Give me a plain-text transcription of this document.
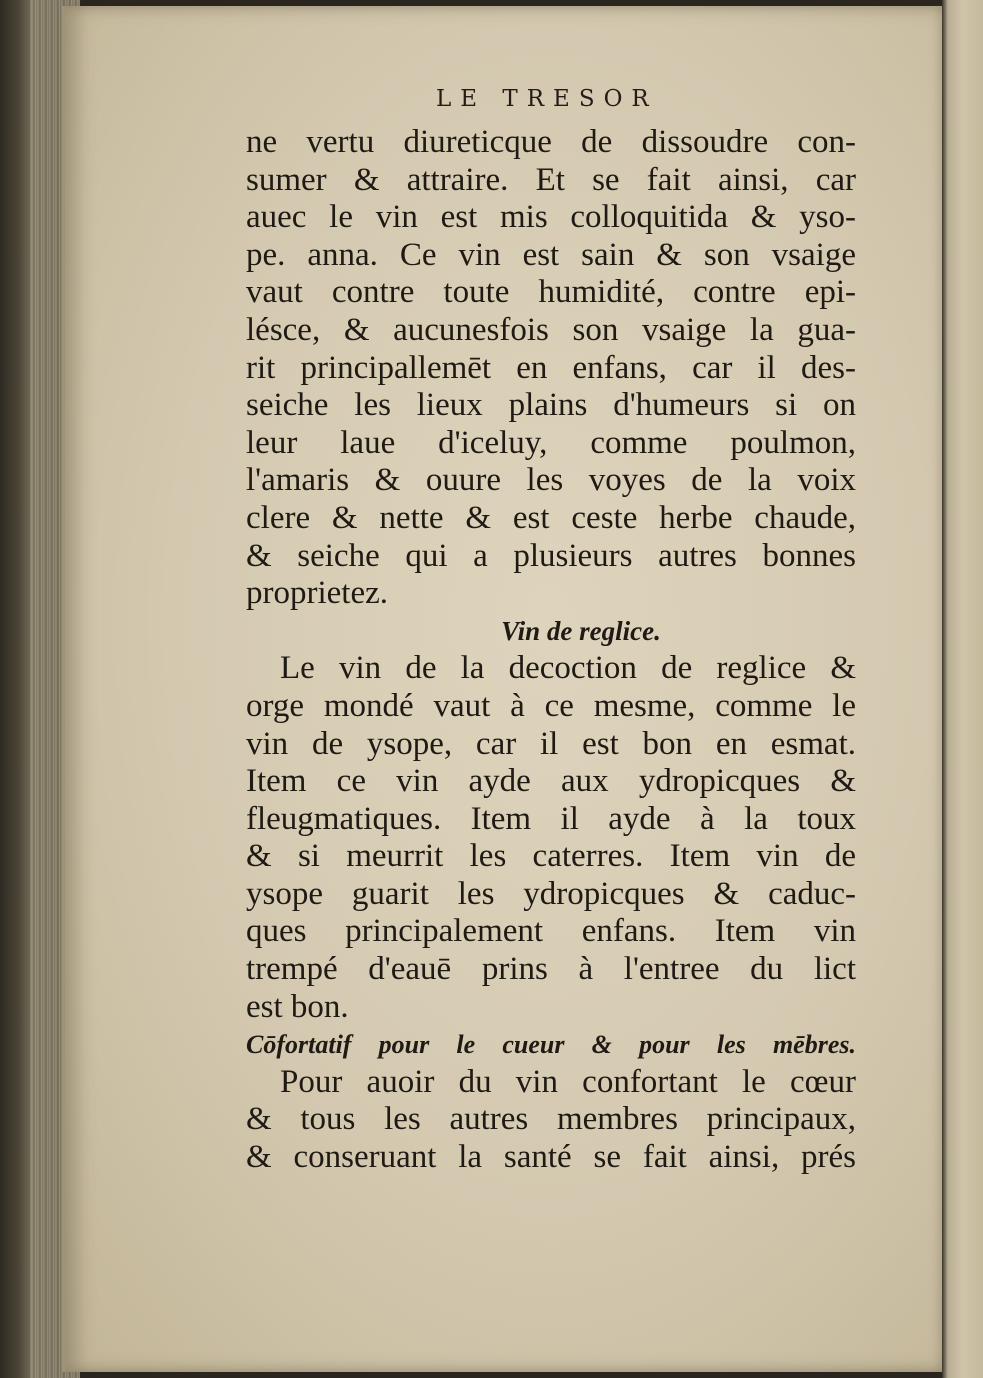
LE TRESOR
ne vertu diureticque de dissoudre con-
sumer & attraire. Et se fait ainsi, car
auec le vin est mis colloquitida & yso-
pe. anna. Ce vin est sain & son vsaige
vaut contre toute humidité, contre epi-
lésce, & aucunesfois son vsaige la gua-
rit principallemēt en enfans, car il des-
seiche les lieux plains d'humeurs si on
leur laue d'iceluy, comme poulmon,
l'amaris & ouure les voyes de la voix
clere & nette & est ceste herbe chaude,
& seiche qui a plusieurs autres bonnes
proprietez.
Vin de reglice.
Le vin de la decoction de reglice &
orge mondé vaut à ce mesme, comme le
vin de ysope, car il est bon en esmat.
Item ce vin ayde aux ydropicques &
fleugmatiques. Item il ayde à la toux
& si meurrit les caterres. Item vin de
ysope guarit les ydropicques & caduc-
ques principalement enfans. Item vin
trempé d'eauē prins à l'entree du lict
est bon.
Cōfortatif pour le cueur & pour les mēbres.
Pour auoir du vin confortant le cœur
& tous les autres membres principaux,
& conseruant la santé se fait ainsi, prés
